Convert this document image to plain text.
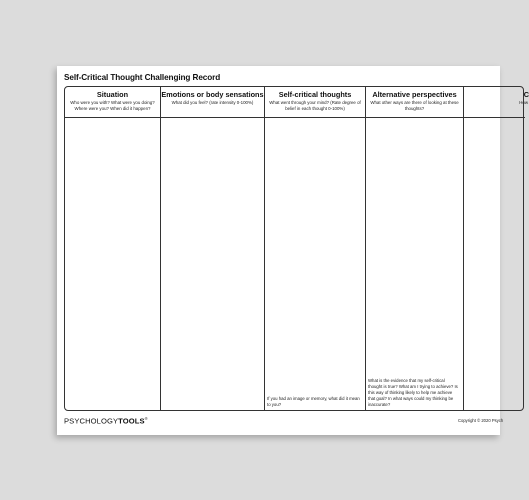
Self-Critical Thought Challenging Record
Situation
Who were you with? What were you doing? Where were you? When did it happen?
Emotions or body sensations
What did you feel? (rate intensity 0-100%)
Self-critical thoughts
What went through your mind? (Rate degree of belief in each thought 0-100%)
If you had an image or memory, what did it mean to you?
Alternative perspectives
What other ways are there of looking at these thoughts?
What is the evidence that my self-critical thought is true? What am I trying to achieve? Is this way of thinking likely to help me achieve that goal? In what ways could my thinking be inaccurate?
C
How
PSYCHOLOGYTOOLS®	Copyright © 2020 Psych
